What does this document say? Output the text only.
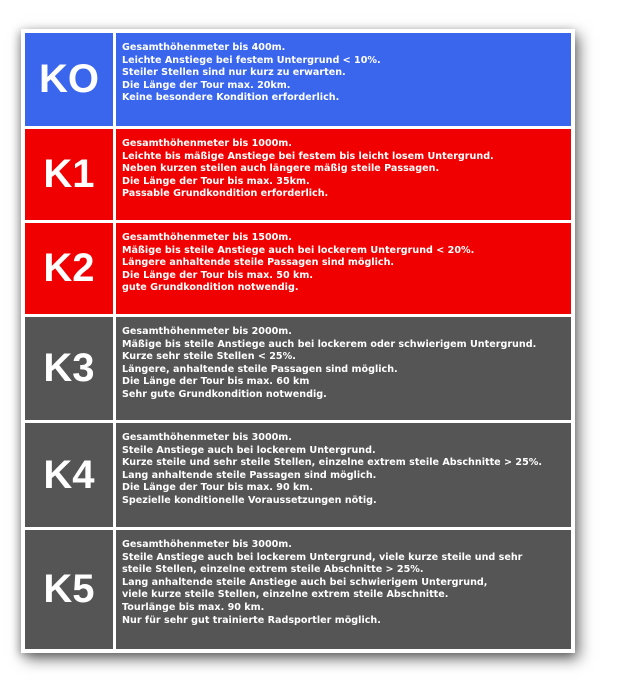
KO
Gesamthöhenmeter bis 400m.
Leichte Anstiege bei festem Untergrund < 10%.
Steiler Stellen sind nur kurz zu erwarten.
Die Länge der Tour max. 20km.
Keine besondere Kondition erforderlich.
K1
Gesamthöhenmeter bis 1000m.
Leichte bis mäßige Anstiege bei festem bis leicht losem Untergrund.
Neben kurzen steilen auch längere mäßig steile Passagen.
Die Länge der Tour bis max. 35km.
Passable Grundkondition erforderlich.
K2
Gesamthöhenmeter bis 1500m.
Mäßige bis steile Anstiege auch bei lockerem Untergrund < 20%.
Längere anhaltende steile Passagen sind möglich.
Die Länge der Tour bis max. 50 km.
gute Grundkondition notwendig.
K3
Gesamthöhenmeter bis 2000m.
Mäßige bis steile Anstiege auch bei lockerem oder schwierigem Untergrund.
Kurze sehr steile Stellen < 25%.
Längere, anhaltende steile Passagen sind möglich.
Die Länge der Tour bis max. 60 km
Sehr gute Grundkondition notwendig.
K4
Gesamthöhenmeter bis 3000m.
Steile Anstiege auch bei lockerem Untergrund.
Kurze steile und sehr steile Stellen, einzelne extrem steile Abschnitte > 25%.
Lang anhaltende steile Passagen sind möglich.
Die Länge der Tour bis max. 90 km.
Spezielle konditionelle Voraussetzungen nötig.
K5
Gesamthöhenmeter bis 3000m.
Steile Anstiege auch bei lockerem Untergrund, viele kurze steile und sehr
steile Stellen, einzelne extrem steile Abschnitte > 25%.
Lang anhaltende steile Anstiege auch bei schwierigem Untergrund,
viele kurze steile Stellen, einzelne extrem steile Abschnitte.
Tourlänge bis max. 90 km.
Nur für sehr gut trainierte Radsportler möglich.
